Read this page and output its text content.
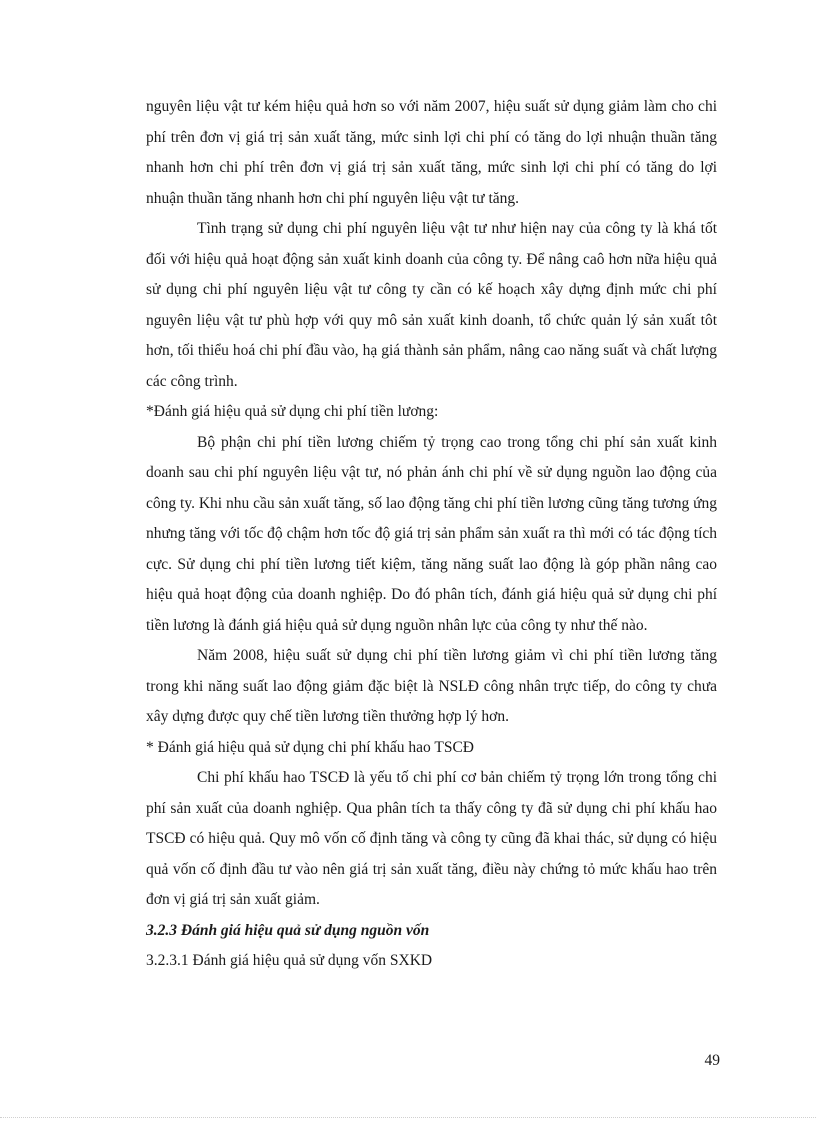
nguyên liệu vật tư kém hiệu quả hơn so với năm 2007, hiệu suất sử dụng giảm làm cho chi phí trên đơn vị giá trị sản xuất tăng, mức sinh lợi chi phí có tăng do lợi nhuận thuần tăng nhanh hơn chi phí trên đơn vị giá trị sản xuất tăng, mức sinh lợi chi phí có tăng do lợi nhuận thuần tăng nhanh hơn chi phí nguyên liệu vật tư tăng.

Tình trạng sử dụng chi phí nguyên liệu vật tư như hiện nay của công ty là khá tốt đối với hiệu quả hoạt động sản xuất kinh doanh của công ty. Để nâng caô hơn nữa hiệu quả sử dụng chi phí nguyên liệu vật tư công ty cần có kế hoạch xây dựng định mức chi phí nguyên liệu vật tư phù hợp với quy mô sản xuất kinh doanh, tổ chức quản lý sản xuất tôt hơn, tối thiểu hoá chi phí đầu vào, hạ giá thành sản phẩm, nâng cao năng suất và chất lượng các công trình.

*Đánh giá hiệu quả sử dụng chi phí tiền lương:

Bộ phận chi phí tiền lương chiếm tỷ trọng cao trong tổng chi phí sản xuất kinh doanh sau chi phí nguyên liệu vật tư, nó phản ánh chi phí về sử dụng nguồn lao động của công ty. Khi nhu cầu sản xuất tăng, số lao động tăng chi phí tiền lương cũng tăng tương ứng nhưng tăng với tốc độ chậm hơn tốc độ giá trị sản phẩm sản xuất ra thì mới có tác động tích cực. Sử dụng chi phí tiền lương tiết kiệm, tăng năng suất lao động là góp phần nâng cao hiệu quả hoạt động của doanh nghiệp. Do đó phân tích, đánh giá hiệu quả sử dụng chi phí tiền lương là đánh giá hiệu quả sử dụng nguồn nhân lực của công ty như thế nào.

Năm 2008, hiệu suất sử dụng chi phí tiền lương giảm vì chi phí tiền lương tăng trong khi năng suất lao động giảm đặc biệt là NSLĐ công nhân trực tiếp, do công ty chưa xây dựng được quy chế tiền lương tiền thưởng hợp lý hơn.

* Đánh giá hiệu quả sử dụng chi phí khấu hao TSCĐ

Chi phí khấu hao TSCĐ là yếu tố chi phí cơ bản chiếm tỷ trọng lớn trong tổng chi phí sản xuất của doanh nghiệp. Qua phân tích ta thấy công ty đã sử dụng chi phí khấu hao TSCĐ có hiệu quả. Quy mô vốn cố định tăng và công ty cũng đã khai thác, sử dụng có hiệu quả vốn cố định đầu tư vào nên giá trị sản xuất tăng, điều này chứng tỏ mức khấu hao trên đơn vị giá trị sản xuất giảm.

3.2.3 Đánh giá hiệu quả sử dụng nguồn vốn

3.2.3.1 Đánh giá hiệu quả sử dụng vốn SXKD

49
